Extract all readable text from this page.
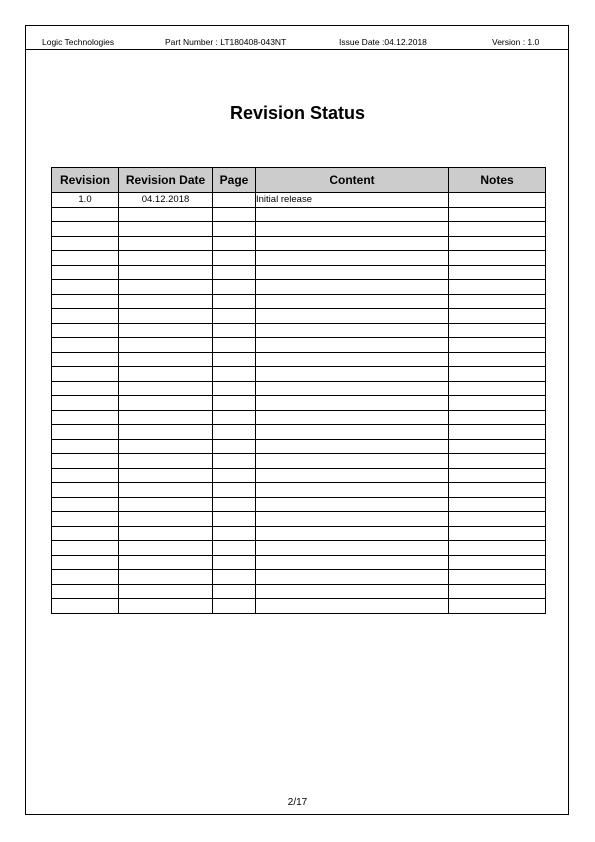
Logic Technologies	Part Number : LT180408-043NT	Issue Date :04.12.2018	Version : 1.0
Revision Status
Revision	Revision Date	Page	Content	Notes
1.0	04.12.2018		Initial release	

2/17
